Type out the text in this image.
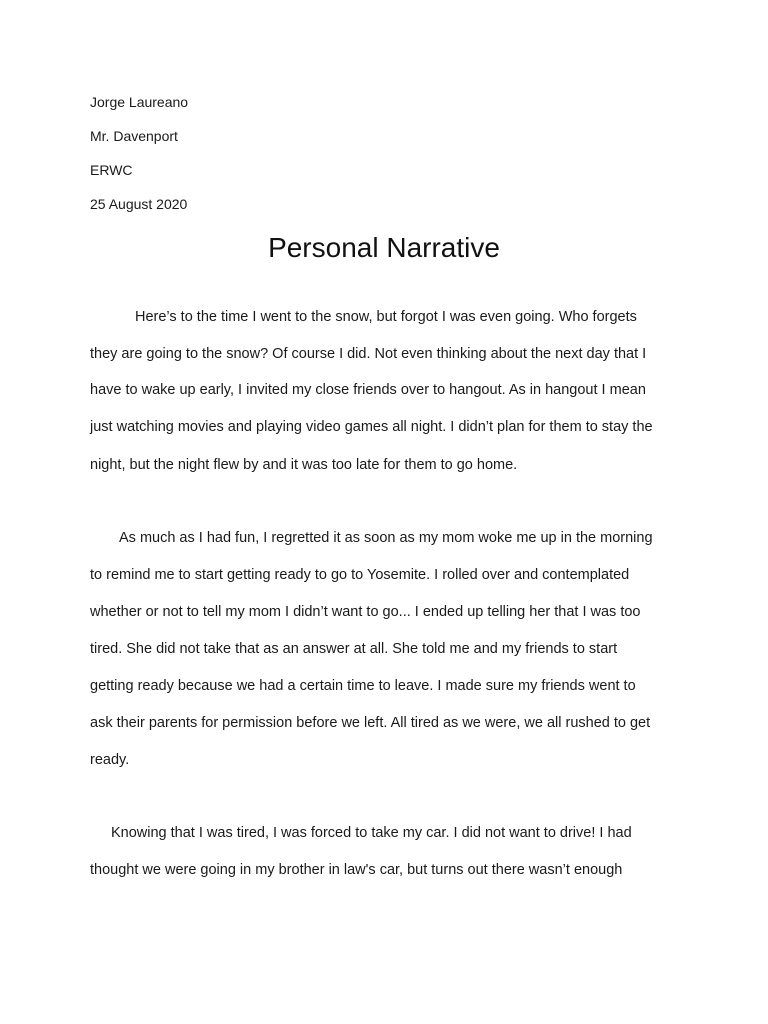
Jorge Laureano
Mr. Davenport
ERWC
25 August 2020
Personal Narrative
Here’s to the time I went to the snow, but forgot I was even going. Who forgets
they are going to the snow? Of course I did. Not even thinking about the next day that I
have to wake up early, I invited my close friends over to hangout. As in hangout I mean
just watching movies and playing video games all night. I didn’t plan for them to stay the
night, but the night flew by and it was too late for them to go home.
As much as I had fun, I regretted it as soon as my mom woke me up in the morning
to remind me to start getting ready to go to Yosemite. I rolled over and contemplated
whether or not to tell my mom I didn’t want to go... I ended up telling her that I was too
tired. She did not take that as an answer at all. She told me and my friends to start
getting ready because we had a certain time to leave. I made sure my friends went to
ask their parents for permission before we left. All tired as we were, we all rushed to get
ready.
Knowing that I was tired, I was forced to take my car. I did not want to drive! I had
thought we were going in my brother in law's car, but turns out there wasn’t enough
